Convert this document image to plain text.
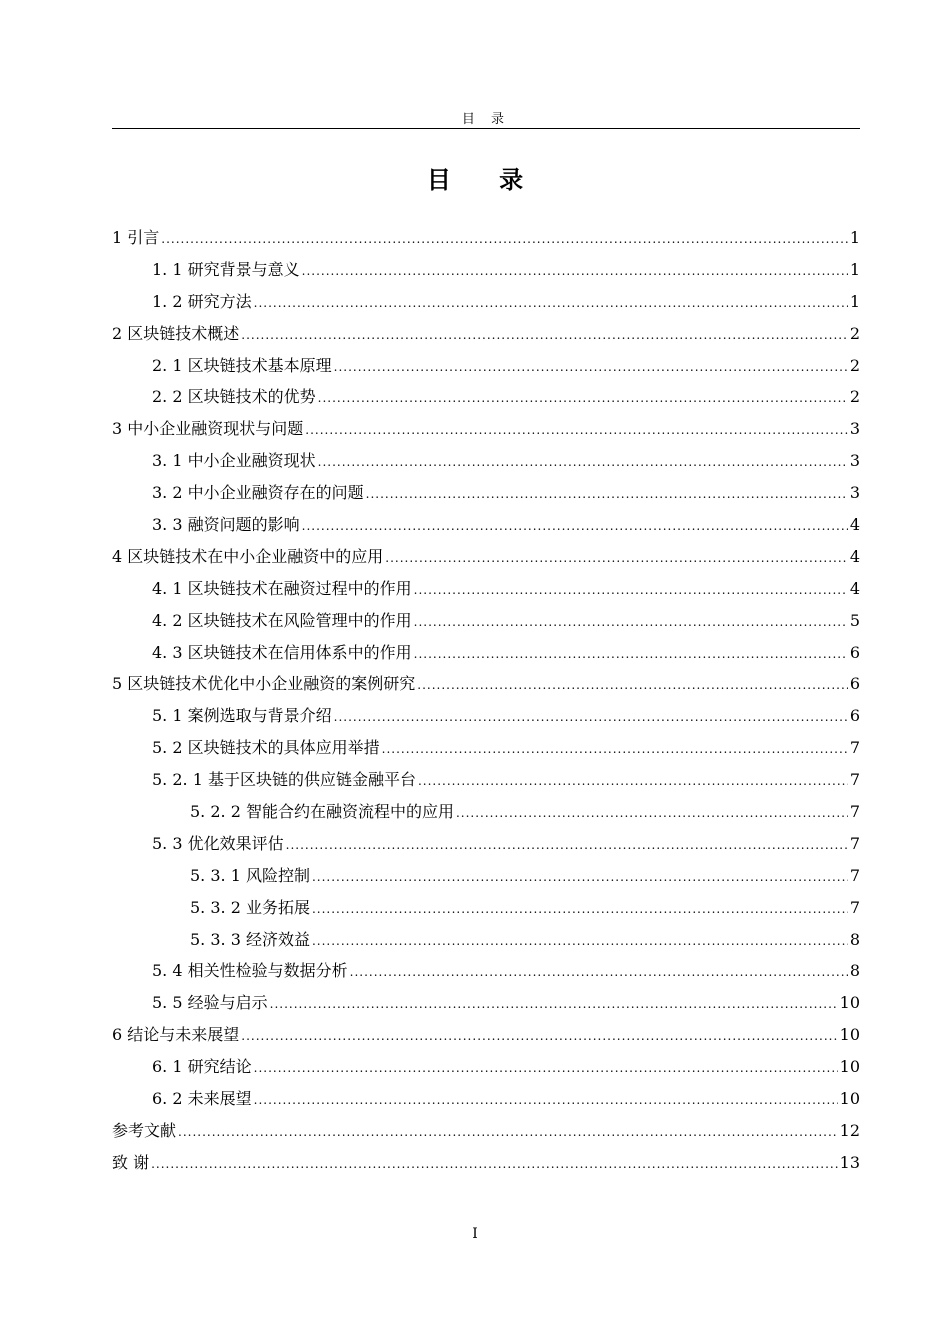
目 录
目 录
1 引言 .....	1
1. 1 研究背景与意义 .....	1
1. 2 研究方法 .....	1
2 区块链技术概述 .....	2
2. 1 区块链技术基本原理 .....	2
2. 2 区块链技术的优势 .....	2
3 中小企业融资现状与问题 .....	3
3. 1 中小企业融资现状 .....	3
3. 2 中小企业融资存在的问题 .....	3
3. 3 融资问题的影响 .....	4
4 区块链技术在中小企业融资中的应用 .....	4
4. 1 区块链技术在融资过程中的作用 .....	4
4. 2 区块链技术在风险管理中的作用 .....	5
4. 3 区块链技术在信用体系中的作用 .....	6
5 区块链技术优化中小企业融资的案例研究 .....	6
5. 1 案例选取与背景介绍 .....	6
5. 2 区块链技术的具体应用举措 .....	7
5. 2. 1 基于区块链的供应链金融平台 .....	7
5. 2. 2 智能合约在融资流程中的应用 .....	7
5. 3 优化效果评估 .....	7
5. 3. 1 风险控制 .....	7
5. 3. 2 业务拓展 .....	7
5. 3. 3 经济效益 .....	8
5. 4 相关性检验与数据分析 .....	8
5. 5 经验与启示 .....	10
6 结论与未来展望 .....	10
6. 1 研究结论 .....	10
6. 2 未来展望 .....	10
参考文献 .....	12
致 谢 .....	13
I
